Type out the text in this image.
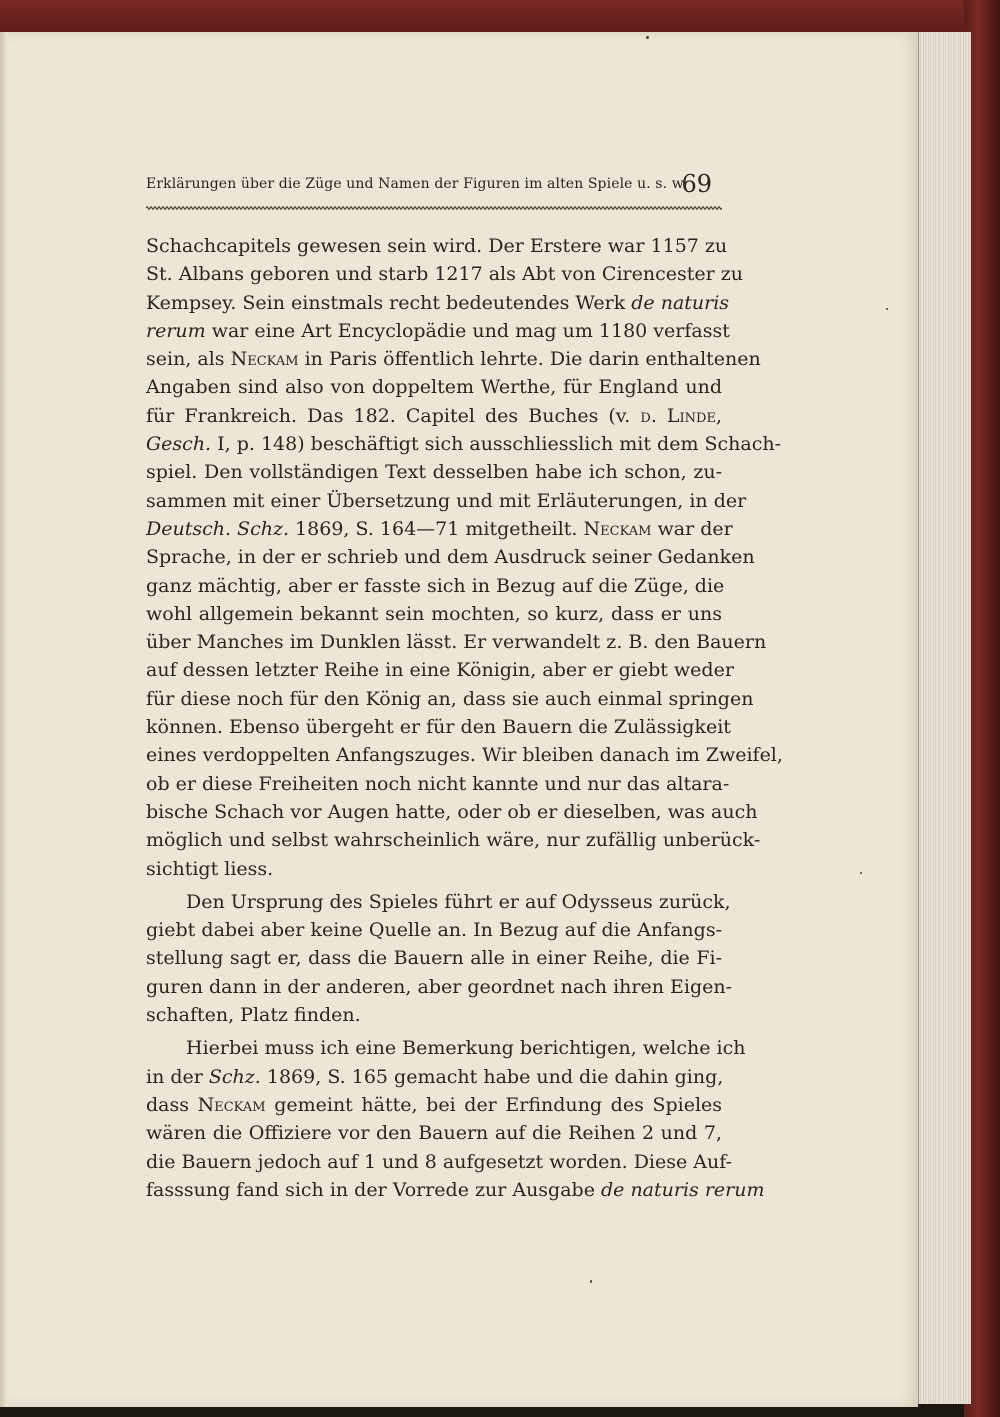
Erklärungen über die Züge und Namen der Figuren im alten Spiele u. s. w.
69
Schachcapitels gewesen sein wird. Der Erstere war 1157 zu
St. Albans geboren und starb 1217 als Abt von Cirencester zu
Kempsey. Sein einstmals recht bedeutendes Werk de naturis
rerum war eine Art Encyclopädie und mag um 1180 verfasst
sein, als Neckam in Paris öffentlich lehrte. Die darin enthaltenen
Angaben sind also von doppeltem Werthe, für England und
für Frankreich. Das 182. Capitel des Buches (v. d. Linde,
Gesch. I, p. 148) beschäftigt sich ausschliesslich mit dem Schach-
spiel. Den vollständigen Text desselben habe ich schon, zu-
sammen mit einer Übersetzung und mit Erläuterungen, in der
Deutsch. Schz. 1869, S. 164—71 mitgetheilt. Neckam war der
Sprache, in der er schrieb und dem Ausdruck seiner Gedanken
ganz mächtig, aber er fasste sich in Bezug auf die Züge, die
wohl allgemein bekannt sein mochten, so kurz, dass er uns
über Manches im Dunklen lässt. Er verwandelt z. B. den Bauern
auf dessen letzter Reihe in eine Königin, aber er giebt weder
für diese noch für den König an, dass sie auch einmal springen
können. Ebenso übergeht er für den Bauern die Zulässigkeit
eines verdoppelten Anfangszuges. Wir bleiben danach im Zweifel,
ob er diese Freiheiten noch nicht kannte und nur das altara-
bische Schach vor Augen hatte, oder ob er dieselben, was auch
möglich und selbst wahrscheinlich wäre, nur zufällig unberück-
sichtigt liess.
Den Ursprung des Spieles führt er auf Odysseus zurück,
giebt dabei aber keine Quelle an. In Bezug auf die Anfangs-
stellung sagt er, dass die Bauern alle in einer Reihe, die Fi-
guren dann in der anderen, aber geordnet nach ihren Eigen-
schaften, Platz finden.
Hierbei muss ich eine Bemerkung berichtigen, welche ich
in der Schz. 1869, S. 165 gemacht habe und die dahin ging,
dass Neckam gemeint hätte, bei der Erfindung des Spieles
wären die Offiziere vor den Bauern auf die Reihen 2 und 7,
die Bauern jedoch auf 1 und 8 aufgesetzt worden. Diese Auf-
fasssung fand sich in der Vorrede zur Ausgabe de naturis rerum
